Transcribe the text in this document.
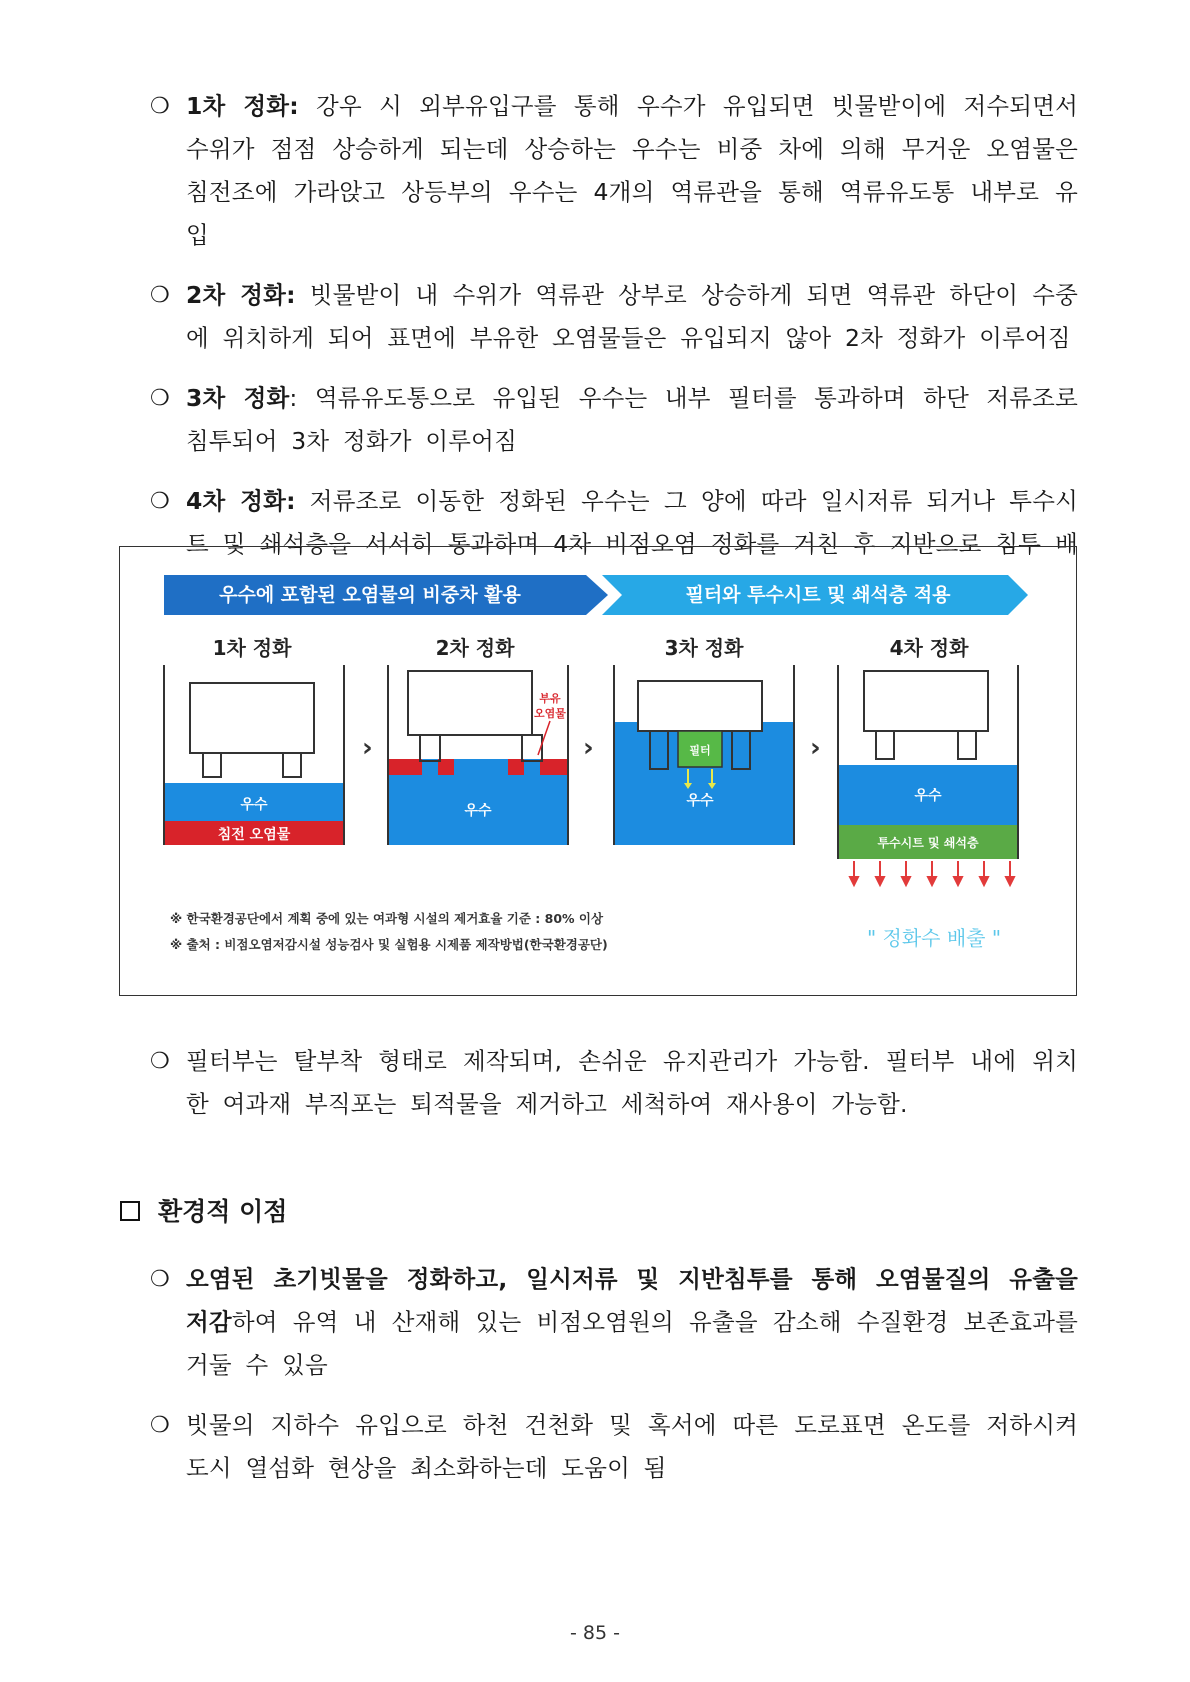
❍ 1차 정화: 강우 시 외부유입구를 통해 우수가 유입되면 빗물받이에 저수되면서 수위가 점점 상승하게 되는데 상승하는 우수는 비중 차에 의해 무거운 오염물은 침전조에 가라앉고 상등부의 우수는 4개의 역류관을 통해 역류유도통 내부로 유입
❍ 2차 정화: 빗물받이 내 수위가 역류관 상부로 상승하게 되면 역류관 하단이 수중에 위치하게 되어 표면에 부유한 오염물들은 유입되지 않아 2차 정화가 이루어짐
❍ 3차 정화: 역류유도통으로 유입된 우수는 내부 필터를 통과하며 하단 저류조로 침투되어 3차 정화가 이루어짐
❍ 4차 정화: 저류조로 이동한 정화된 우수는 그 양에 따라 일시저류 되거나 투수시트 및 쇄석층을 서서히 통과하며 4차 비점오염 정화를 거친 후 지반으로 침투 배
우수에 포함된 오염물의 비중차 활용	필터와 투수시트 및 쇄석층 적용
1차 정화	2차 정화	3차 정화	4차 정화
우수
침전 오염물
›
우수
부유
오염물
›	필터
우수
›
우수
투수시트 및 쇄석층
" 정화수 배출 "
※ 한국환경공단에서 계획 중에 있는 여과형 시설의 제거효율 기준 : 80% 이상
※ 출처 : 비점오염저감시설 성능검사 및 실험용 시제품 제작방법(한국환경공단)
❍ 필터부는 탈부착 형태로 제작되며, 손쉬운 유지관리가 가능함. 필터부 내에 위치한 여과재 부직포는 퇴적물을 제거하고 세척하여 재사용이 가능함.
환경적 이점
❍ 오염된 초기빗물을 정화하고, 일시저류 및 지반침투를 통해 오염물질의 유출을 저감하여 유역 내 산재해 있는 비점오염원의 유출을 감소해 수질환경 보존효과를 거둘 수 있음
❍ 빗물의 지하수 유입으로 하천 건천화 및 혹서에 따른 도로표면 온도를 저하시켜 도시 열섬화 현상을 최소화하는데 도움이 됨
- 85 -
